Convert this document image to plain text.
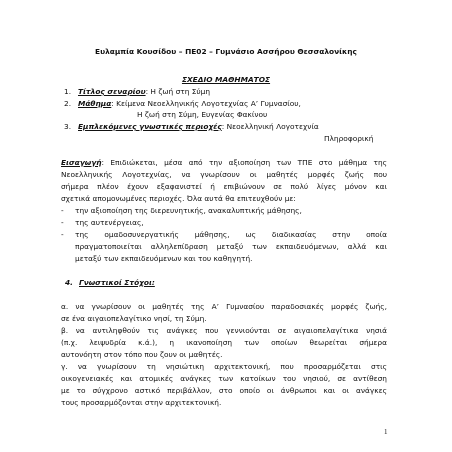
Ευλαμπία Κουσίδου – ΠΕ02 – Γυμνάσιο Ασσήρου Θεσσαλονίκης
ΣΧΕΔΙΟ ΜΑΘΗΜΑΤΟΣ
1. Τίτλος σεναρίου: Η ζωή στη Σύμη
2. Μάθημα: Κείμενα Νεοελληνικής Λογοτεχνίας Α’ Γυμνασίου,
Η ζωή στη Σύμη, Ευγενίας Φακίνου
3. Εμπλεκόμενες γνωστικές περιοχές: Νεοελληνική Λογοτεχνία
Πληροφορική
Εισαγωγή: Επιδιώκεται, μέσα από την αξιοποίηση των ΤΠΕ στο μάθημα της
Νεοελληνικής Λογοτεχνίας, να γνωρίσουν οι μαθητές μορφές ζωής που
σήμερα πλέον έχουν εξαφανιστεί ή επιβιώνουν σε πολύ λίγες μόνον και
σχετικά απομονωμένες περιοχές. Όλα αυτά θα επιτευχθούν με:
- την αξιοποίηση της διερευνητικής, ανακαλυπτικής μάθησης,
- της αυτενέργειας,
-	της ομαδοσυνεργατικής μάθησης, ως διαδικασίας στην οποία
πραγματοποιείται αλληλεπίδραση μεταξύ των εκπαιδευόμενων, αλλά και
μεταξύ των εκπαιδευόμενων και του καθηγητή.
4. Γνωστικοί Στόχοι:
α. να γνωρίσουν οι μαθητές της Α’ Γυμνασίου παραδοσιακές μορφές ζωής,
σε ένα αιγαιοπελαγίτικο νησί, τη Σύμη.
β. να αντιληφθούν τις ανάγκες που γεννιούνται σε αιγαιοπελαγίτικα νησιά
(π.χ. λειψυδρία κ.ά.), η ικανοποίηση των οποίων θεωρείται σήμερα
αυτονόητη στον τόπο που ζουν οι μαθητές.
γ. να γνωρίσουν τη νησιώτικη αρχιτεκτονική, που προσαρμόζεται στις
οικογενειακές και ατομικές ανάγκες των κατοίκων του νησιού, σε αντίθεση
με το σύγχρονο αστικό περιβάλλον, στο οποίο οι άνθρωποι και οι ανάγκες
τους προσαρμόζονται στην αρχιτεκτονική.
1
